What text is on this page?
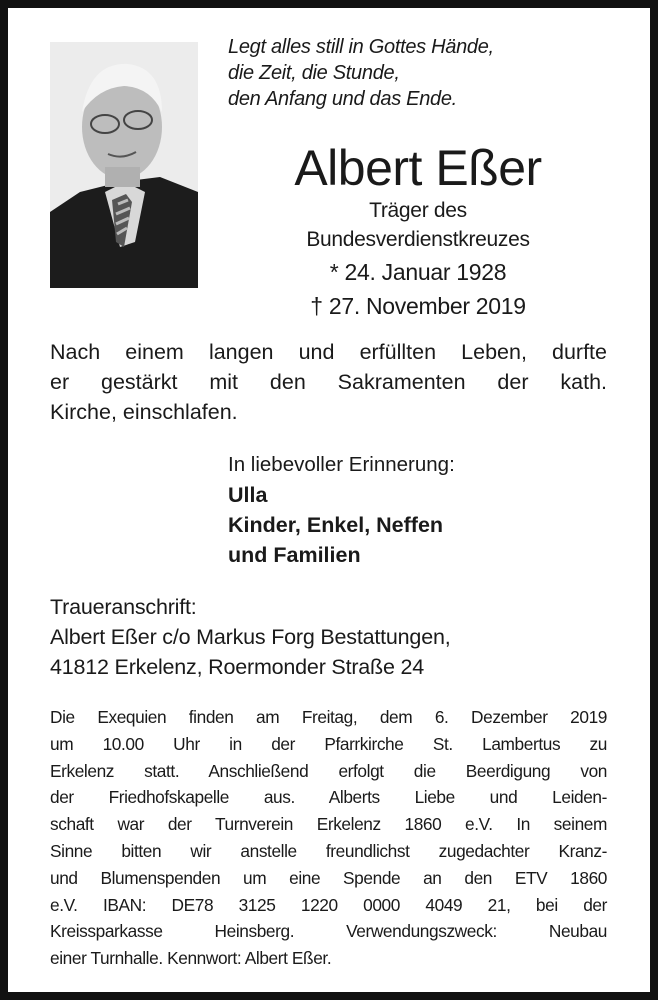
Legt alles still in Gottes Hände,
die Zeit, die Stunde,
den Anfang und das Ende.
Albert Eßer
Träger des
Bundesverdienstkreuzes
* 24. Januar 1928
† 27. November 2019
Nach einem langen und erfüllten Leben, durfte
er gestärkt mit den Sakramenten der kath.
Kirche, einschlafen.
In liebevoller Erinnerung:
Ulla
Kinder, Enkel, Neffen
und Familien
Traueranschrift:
Albert Eßer c/o Markus Forg Bestattungen,
41812 Erkelenz, Roermonder Straße 24
Die Exequien finden am Freitag, dem 6. Dezember 2019
um 10.00 Uhr in der Pfarrkirche St. Lambertus zu
Erkelenz statt. Anschließend erfolgt die Beerdigung von
der Friedhofskapelle aus. Alberts Liebe und Leiden-
schaft war der Turnverein Erkelenz 1860 e.V. In seinem
Sinne bitten wir anstelle freundlichst zugedachter Kranz-
und Blumenspenden um eine Spende an den ETV 1860
e.V. IBAN: DE78 3125 1220 0000 4049 21, bei der
Kreissparkasse Heinsberg. Verwendungszweck: Neubau
einer Turnhalle. Kennwort: Albert Eßer.
